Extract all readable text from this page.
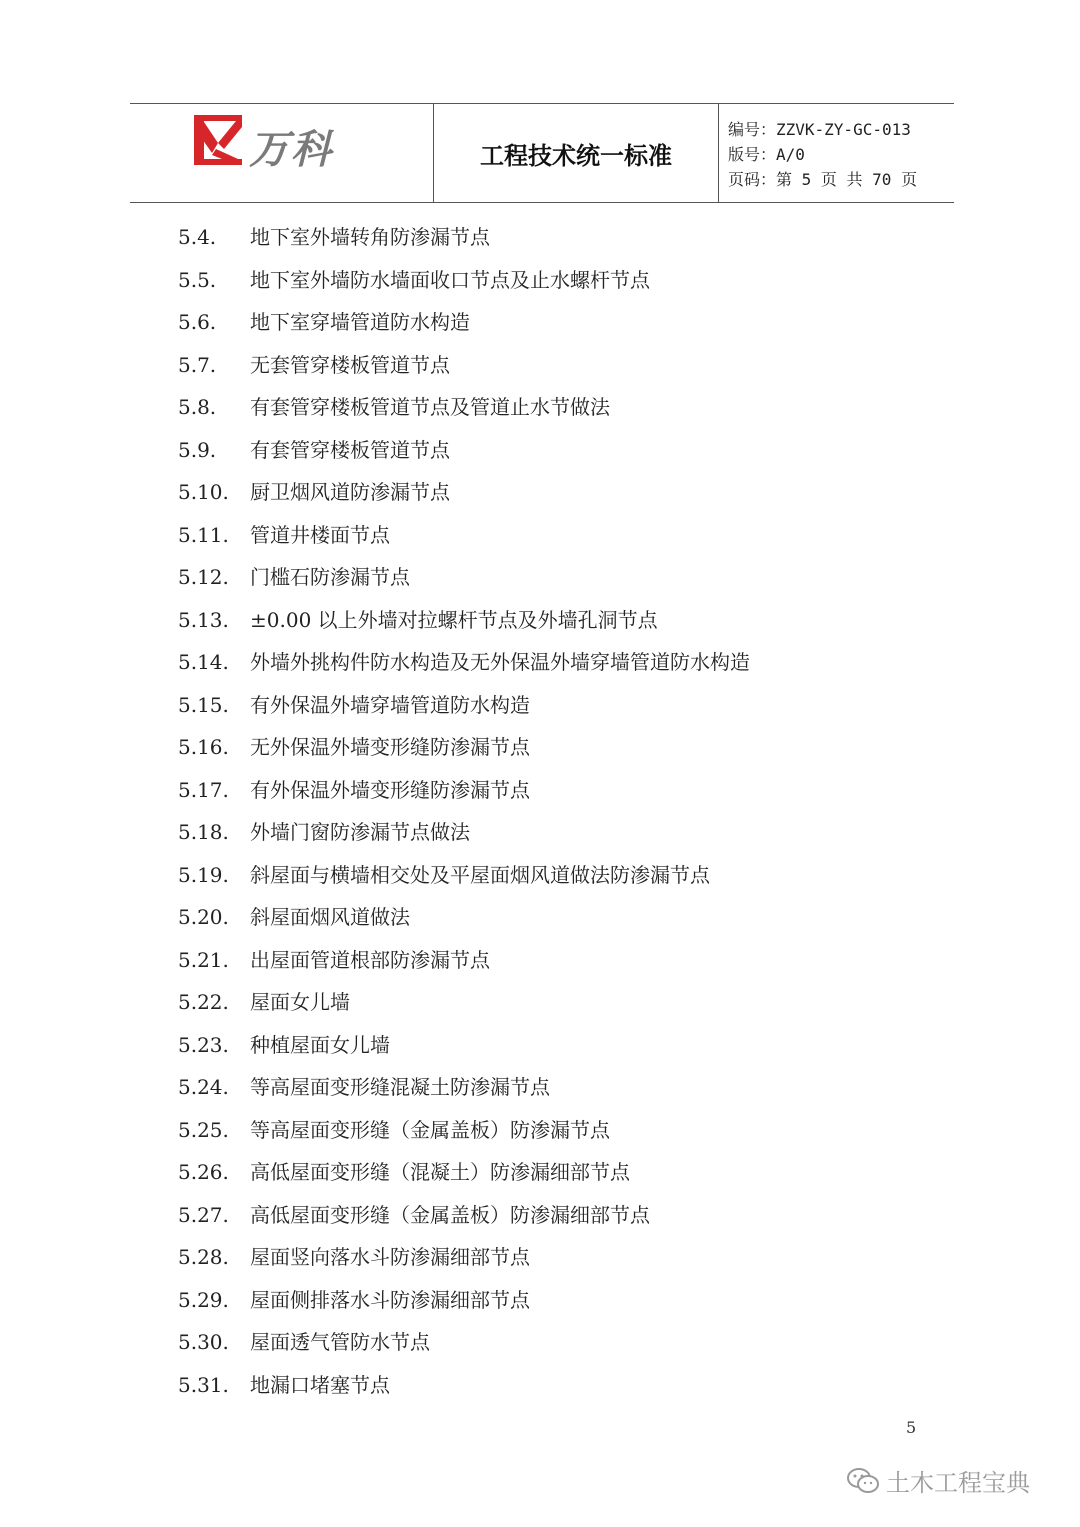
万科	工程技术统一标准
编号：ZZVK-ZY-GC-013
版号：A/0
页码：第 5 页 共 70 页
5.4. 地下室外墙转角防渗漏节点
5.5. 地下室外墙防水墙面收口节点及止水螺杆节点
5.6. 地下室穿墙管道防水构造
5.7. 无套管穿楼板管道节点
5.8. 有套管穿楼板管道节点及管道止水节做法
5.9. 有套管穿楼板管道节点
5.10. 厨卫烟风道防渗漏节点
5.11. 管道井楼面节点
5.12. 门槛石防渗漏节点
5.13. ±0.00 以上外墙对拉螺杆节点及外墙孔洞节点
5.14. 外墙外挑构件防水构造及无外保温外墙穿墙管道防水构造
5.15. 有外保温外墙穿墙管道防水构造
5.16. 无外保温外墙变形缝防渗漏节点
5.17. 有外保温外墙变形缝防渗漏节点
5.18. 外墙门窗防渗漏节点做法
5.19. 斜屋面与横墙相交处及平屋面烟风道做法防渗漏节点
5.20. 斜屋面烟风道做法
5.21. 出屋面管道根部防渗漏节点
5.22. 屋面女儿墙
5.23. 种植屋面女儿墙
5.24. 等高屋面变形缝混凝土防渗漏节点
5.25. 等高屋面变形缝（金属盖板）防渗漏节点
5.26. 高低屋面变形缝（混凝土）防渗漏细部节点
5.27. 高低屋面变形缝（金属盖板）防渗漏细部节点
5.28. 屋面竖向落水斗防渗漏细部节点
5.29. 屋面侧排落水斗防渗漏细部节点
5.30. 屋面透气管防水节点
5.31. 地漏口堵塞节点
5
土木工程宝典
